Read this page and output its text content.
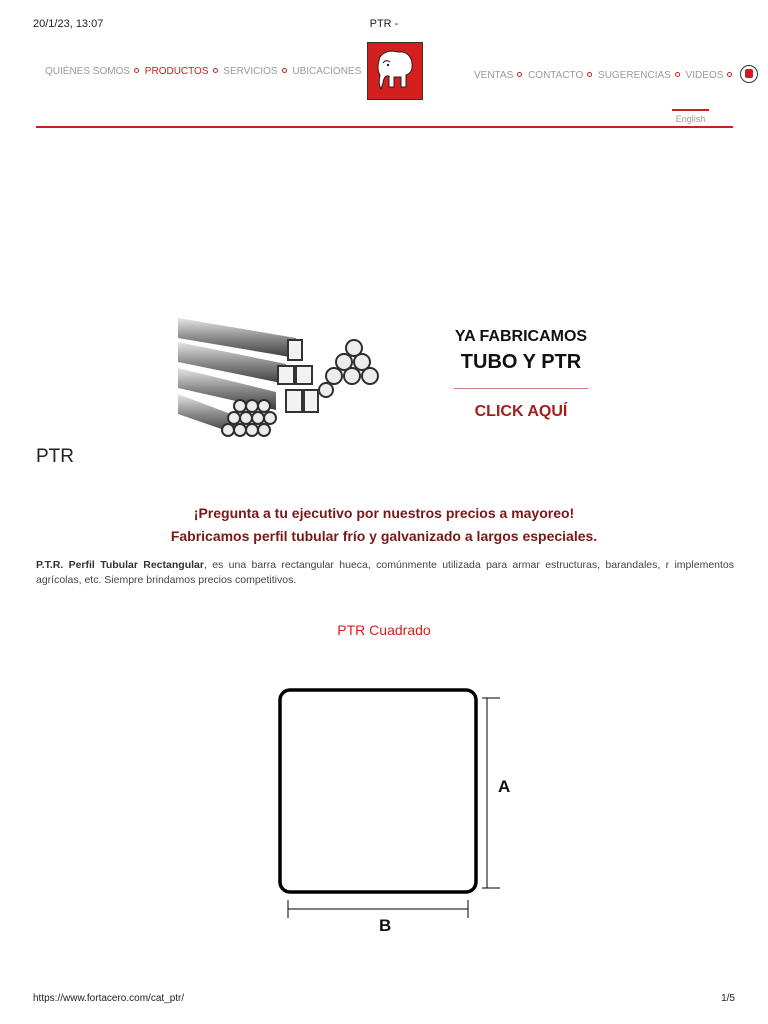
20/1/23, 13:07	PTR -
QUIÉNES SOMOS PRODUCTOS SERVICIOS UBICACIONES	VENTAS CONTACTO SUGERENCIAS VIDEOS
English
YA FABRICAMOS
TUBO Y PTR
CLICK AQUÍ
PTR
¡Pregunta a tu ejecutivo por nuestros precios a mayoreo!
Fabricamos perfil tubular frío y galvanizado a largos especiales.
P.T.R. Perfil Tubular Rectangular, es una barra rectangular hueca, comúnmente utilizada para armar estructuras, barandales, r implementos agrícolas, etc. Siempre brindamos precios competitivos.
PTR Cuadrado
A
B
https://www.fortacero.com/cat_ptr/	1/5
